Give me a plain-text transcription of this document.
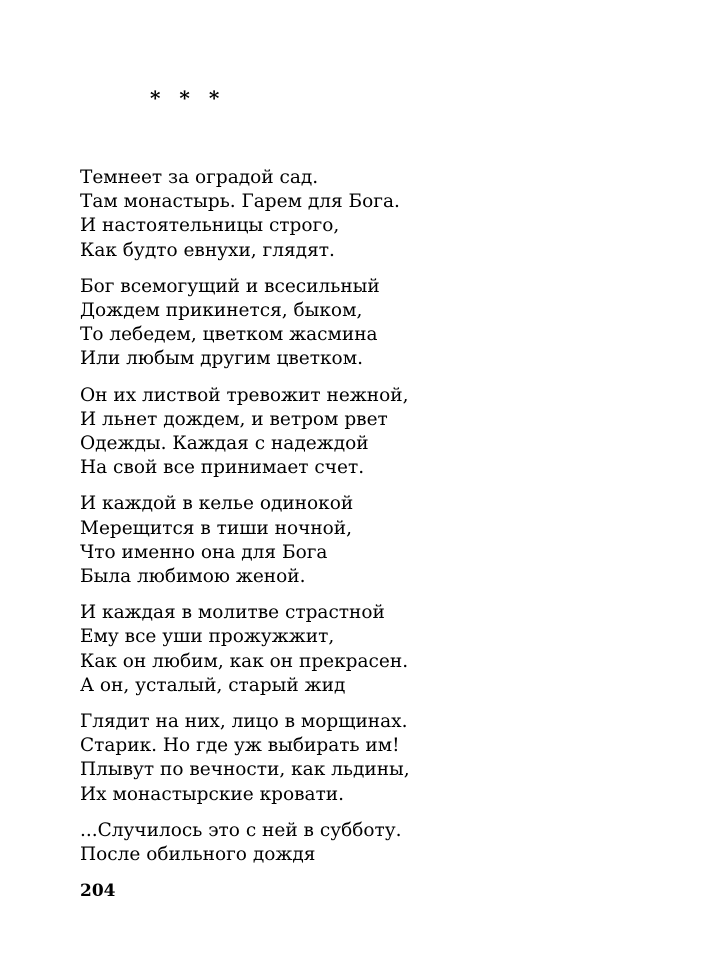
* * *
Темнеет за оградой сад.
Там монастырь. Гарем для Бога.
И настоятельницы строго,
Как будто евнухи, глядят.
Бог всемогущий и всесильный
Дождем прикинется, быком,
То лебедем, цветком жасмина
Или любым другим цветком.
Он их листвой тревожит нежной,
И льнет дождем, и ветром рвет
Одежды. Каждая с надеждой
На свой все принимает счет.
И каждой в келье одинокой
Мерещится в тиши ночной,
Что именно она для Бога
Была любимою женой.
И каждая в молитве страстной
Ему все уши прожужжит,
Как он любим, как он прекрасен.
А он, усталый, старый жид
Глядит на них, лицо в морщинах.
Старик. Но где уж выбирать им!
Плывут по вечности, как льдины,
Их монастырские кровати.
...Случилось это с ней в субботу.
После обильного дождя
204
